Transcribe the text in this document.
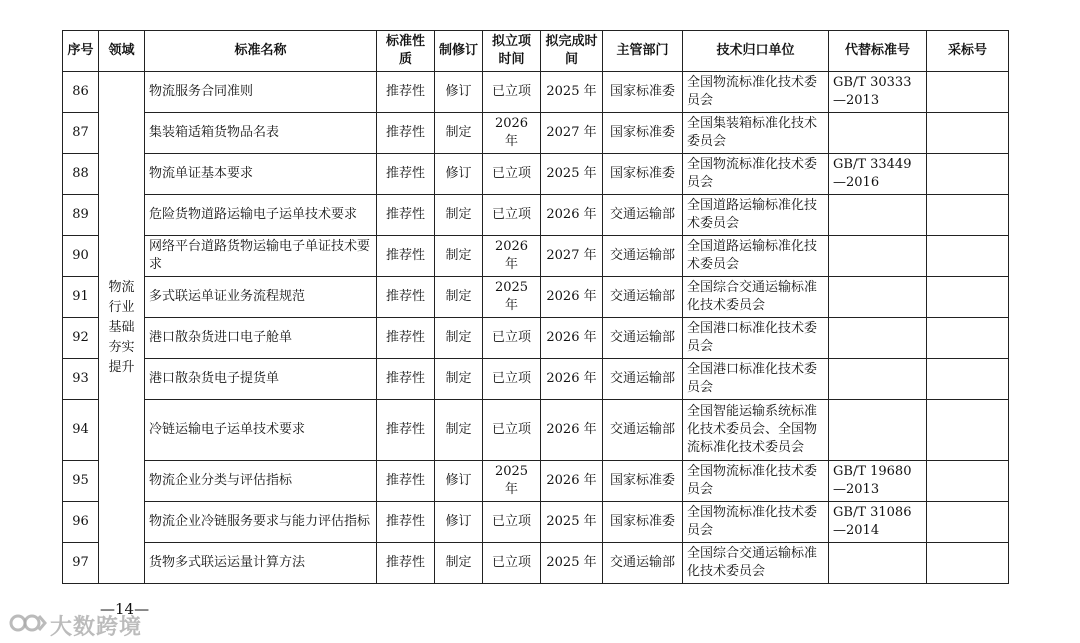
序号	领域	标准名称	标准性质	制修订	拟立项时间	拟完成时间	主管部门	技术归口单位	代替标准号	采标号
86	物流行业基础夯实提升	物流服务合同准则	推荐性	修订	已立项	2025 年	国家标准委	全国物流标准化技术委员会	GB/T 30333—2013	
87		集装箱适箱货物品名表	推荐性	制定	2026 年	2027 年	国家标准委	全国集装箱标准化技术委员会		
88		物流单证基本要求	推荐性	修订	已立项	2025 年	国家标准委	全国物流标准化技术委员会	GB/T 33449—2016	
89		危险货物道路运输电子运单技术要求	推荐性	制定	已立项	2026 年	交通运输部	全国道路运输标准化技术委员会		
90		网络平台道路货物运输电子单证技术要求	推荐性	制定	2026 年	2027 年	交通运输部	全国道路运输标准化技术委员会		
91		多式联运单证业务流程规范	推荐性	制定	2025 年	2026 年	交通运输部	全国综合交通运输标准化技术委员会		
92		港口散杂货进口电子舱单	推荐性	制定	已立项	2026 年	交通运输部	全国港口标准化技术委员会		
93		港口散杂货电子提货单	推荐性	制定	已立项	2026 年	交通运输部	全国港口标准化技术委员会		
94		冷链运输电子运单技术要求	推荐性	制定	已立项	2026 年	交通运输部	全国智能运输系统标准化技术委员会、全国物流标准化技术委员会		
95		物流企业分类与评估指标	推荐性	修订	2025 年	2026 年	国家标准委	全国物流标准化技术委员会	GB/T 19680—2013	
96		物流企业冷链服务要求与能力评估指标	推荐性	修订	已立项	2025 年	国家标准委	全国物流标准化技术委员会	GB/T 31086—2014	
97		货物多式联运运量计算方法	推荐性	制定	已立项	2025 年	交通运输部	全国综合交通运输标准化技术委员会		
—14—
大数跨境
